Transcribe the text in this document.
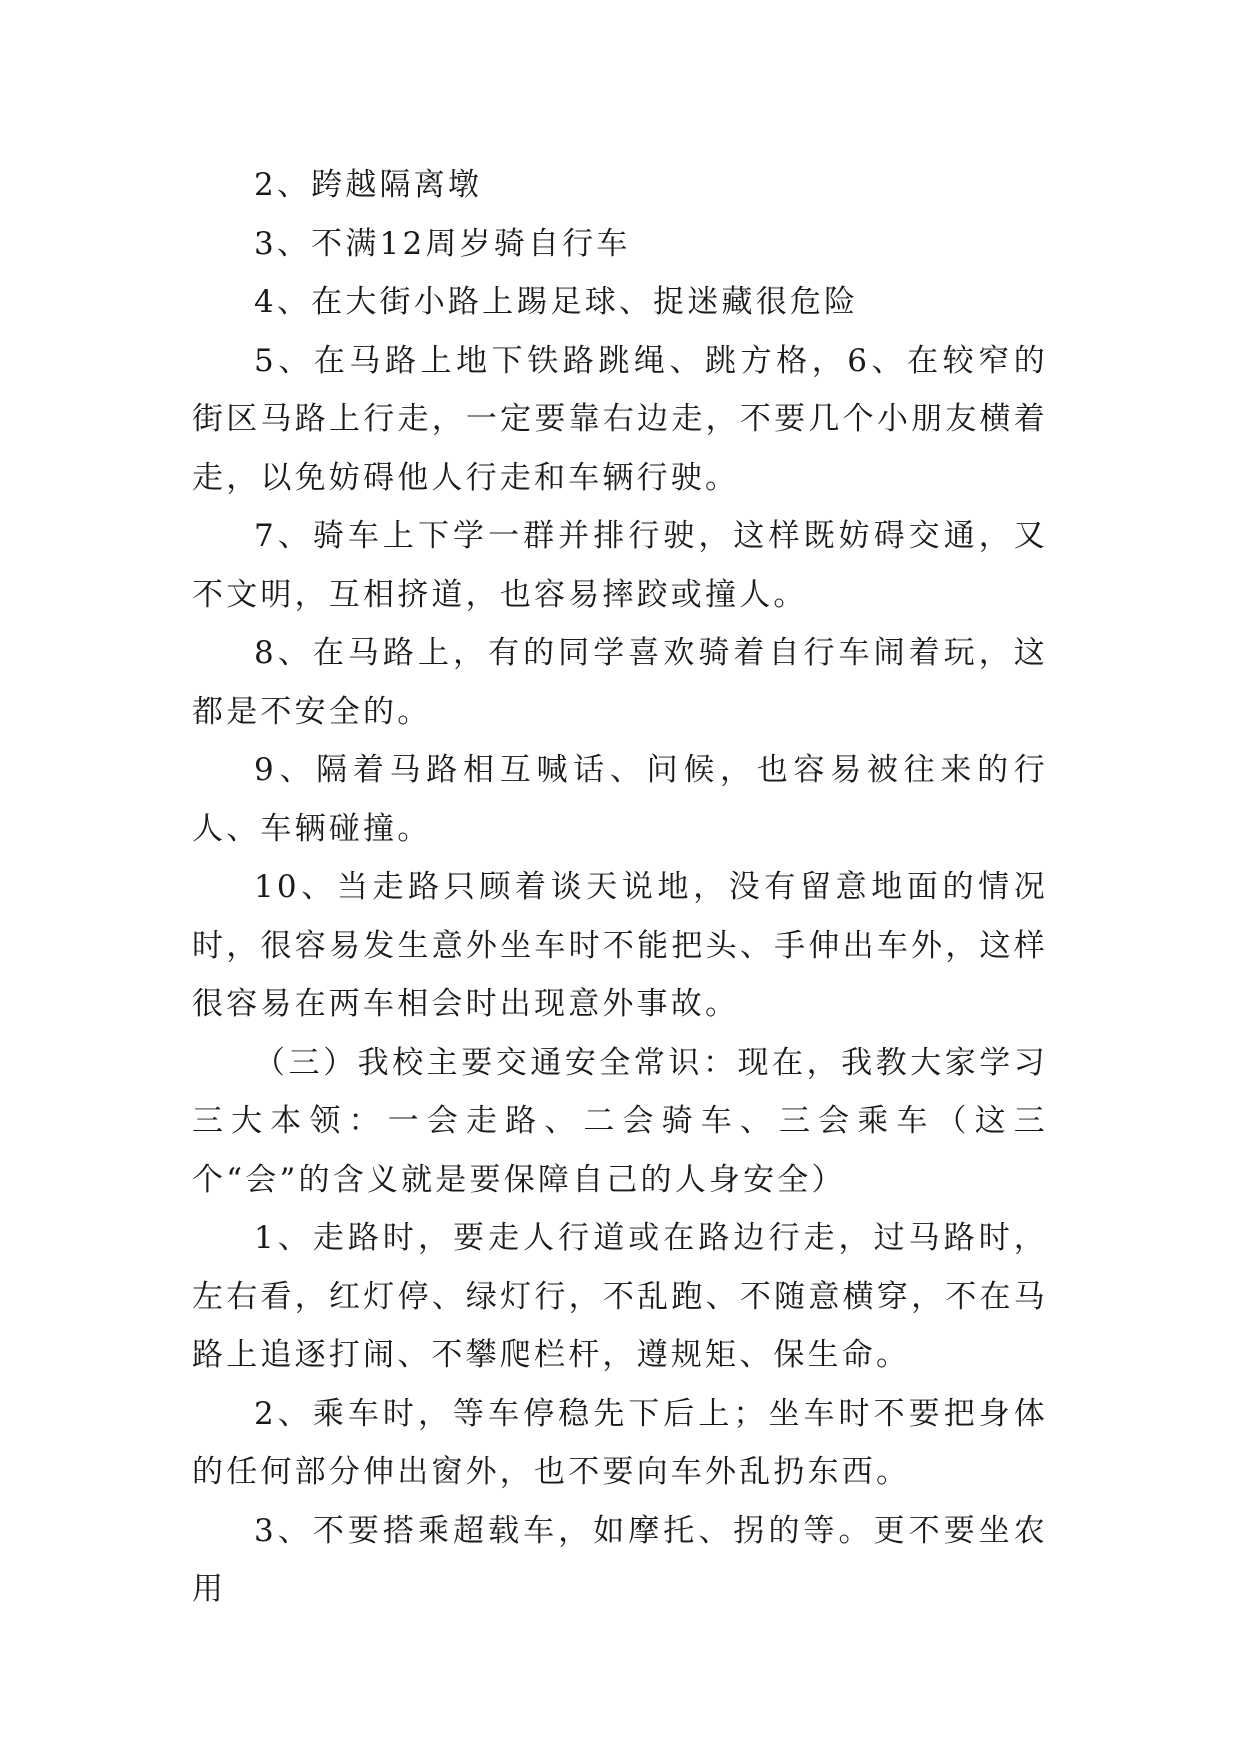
2、跨越隔离墩

3、不满12周岁骑自行车

4、在大街小路上踢足球、捉迷藏很危险

5、在马路上地下铁路跳绳、跳方格，6、在较窄的街区马路上行走，一定要靠右边走，不要几个小朋友横着走，以免妨碍他人行走和车辆行驶。

7、骑车上下学一群并排行驶，这样既妨碍交通，又不文明，互相挤道，也容易摔跤或撞人。

8、在马路上，有的同学喜欢骑着自行车闹着玩，这都是不安全的。

9、隔着马路相互喊话、问候，也容易被往来的行人、车辆碰撞。

10、当走路只顾着谈天说地，没有留意地面的情况时，很容易发生意外坐车时不能把头、手伸出车外，这样很容易在两车相会时出现意外事故。

（三）我校主要交通安全常识：现在，我教大家学习三大本领：一会走路、二会骑车、三会乘车（这三个“会”的含义就是要保障自己的人身安全）

1、走路时，要走人行道或在路边行走，过马路时，左右看，红灯停、绿灯行，不乱跑、不随意横穿，不在马路上追逐打闹、不攀爬栏杆，遵规矩、保生命。

2、乘车时，等车停稳先下后上；坐车时不要把身体的任何部分伸出窗外，也不要向车外乱扔东西。

3、不要搭乘超载车，如摩托、拐的等。更不要坐农用
